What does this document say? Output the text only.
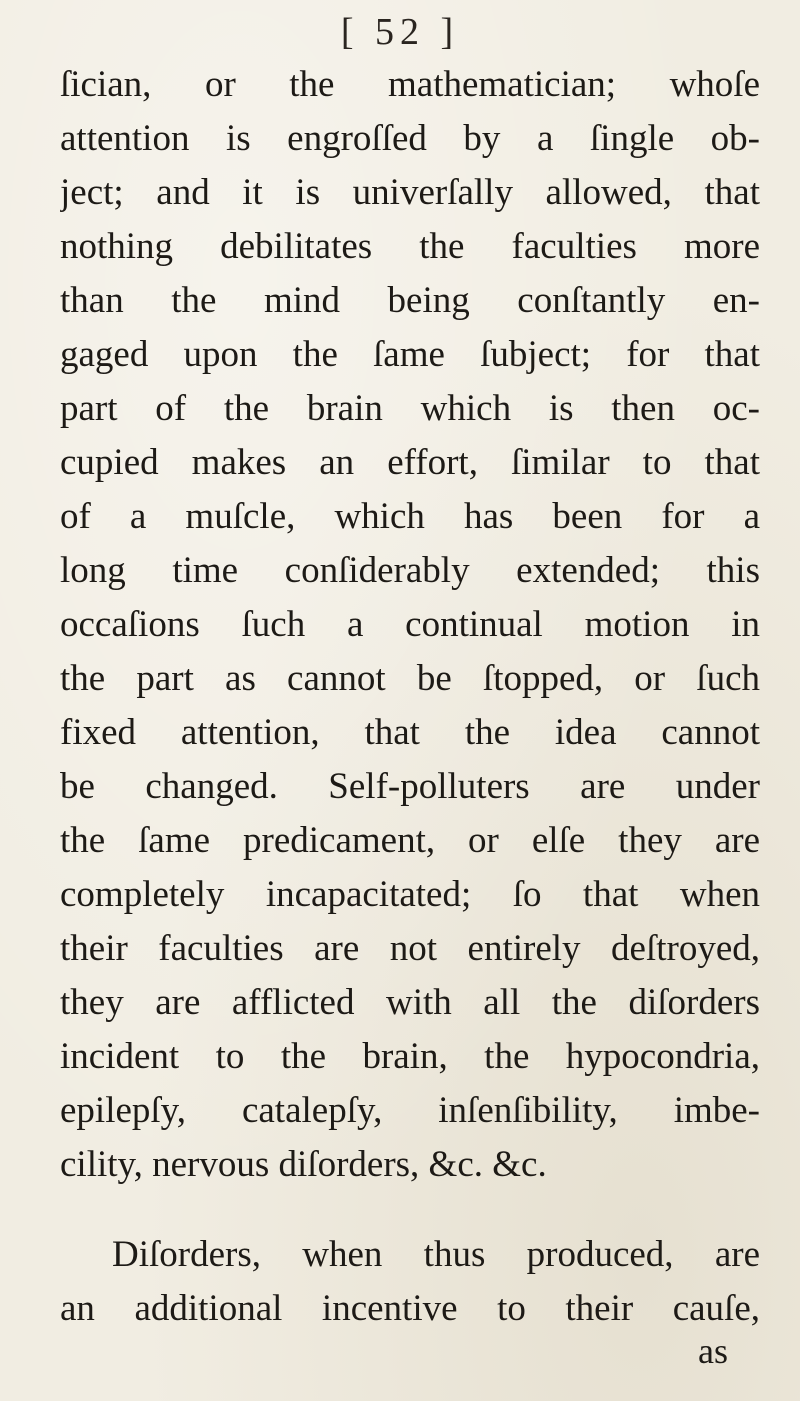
[ 52 ]
ſician, or the mathematician; whoſe
attention is engroſſed by a ſingle ob-
ject; and it is univerſally allowed, that
nothing debilitates the faculties more
than the mind being conſtantly en-
gaged upon the ſame ſubject; for that
part of the brain which is then oc-
cupied makes an effort, ſimilar to that
of a muſcle, which has been for a
long time conſiderably extended; this
occaſions ſuch a continual motion in
the part as cannot be ſtopped, or ſuch
fixed attention, that the idea cannot
be changed. Self-polluters are under
the ſame predicament, or elſe they are
completely incapacitated; ſo that when
their faculties are not entirely deſtroyed,
they are afflicted with all the diſorders
incident to the brain, the hypocondria,
epilepſy, catalepſy, inſenſibility, imbe-
cility, nervous diſorders, &c. &c.
Diſorders, when thus produced, are
an additional incentive to their cauſe,
as
